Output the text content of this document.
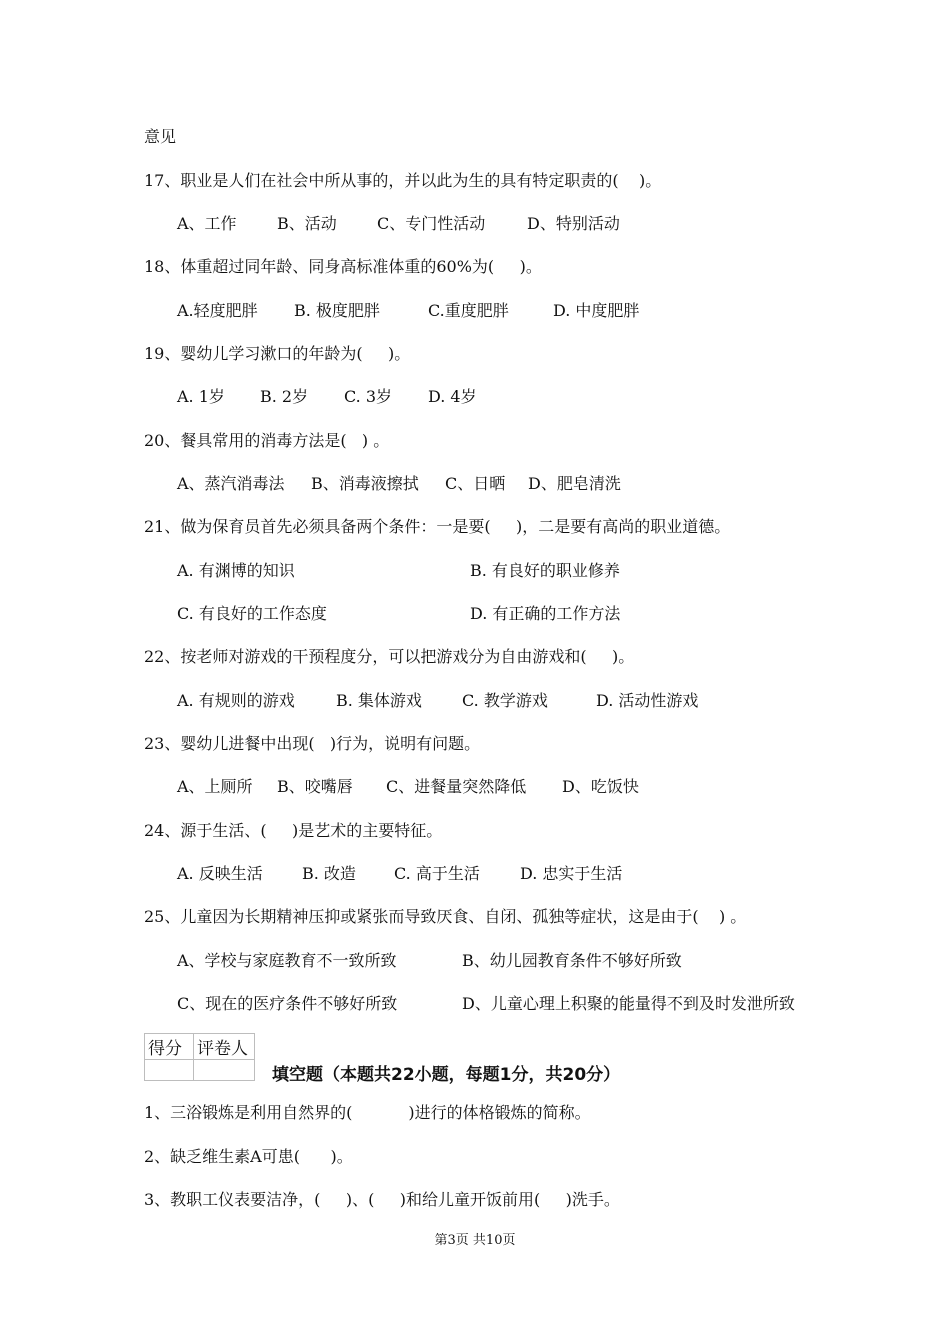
意见
17、职业是人们在社会中所从事的，并以此为生的具有特定职责的(    )。
A、工作	B、活动	C、专门性活动	D、特别活动
18、体重超过同年龄、同身高标准体重的60%为(     )。
A.轻度肥胖 B. 极度肥胖	C.重度肥胖	D. 中度肥胖
19、婴幼儿学习漱口的年龄为(     )。
A. 1岁 B. 2岁 C. 3岁 D. 4岁
20、餐具常用的消毒方法是(   ) 。
A、蒸汽消毒法 B、消毒液擦拭 C、日晒 D、肥皂清洗
21、做为保育员首先必须具备两个条件：一是要(     )，二是要有高尚的职业道德。
A. 有渊博的知识	B. 有良好的职业修养
C. 有良好的工作态度	D. 有正确的工作方法
22、按老师对游戏的干预程度分，可以把游戏分为自由游戏和(     )。
A. 有规则的游戏	B. 集体游戏	C. 教学游戏	D. 活动性游戏
23、婴幼儿进餐中出现(   )行为，说明有问题。
A、上厕所 B、咬嘴唇 C、进餐量突然降低 D、吃饭快
24、源于生活、(     )是艺术的主要特征。
A. 反映生活 B. 改造 C. 高于生活	D. 忠实于生活
25、儿童因为长期精神压抑或紧张而导致厌食、自闭、孤独等症状，这是由于(    ) 。
A、学校与家庭教育不一致所致	B、幼儿园教育条件不够好所致
C、现在的医疗条件不够好所致	D、儿童心理上积聚的能量得不到及时发泄所致
得分	评卷人

填空题（本题共22小题，每题1分，共20分）
1、三浴锻炼是利用自然界的(           )进行的体格锻炼的简称。
2、缺乏维生素A可患(      )。
3、教职工仪表要洁净，(     )、(     )和给儿童开饭前用(     )洗手。
第3页 共10页
